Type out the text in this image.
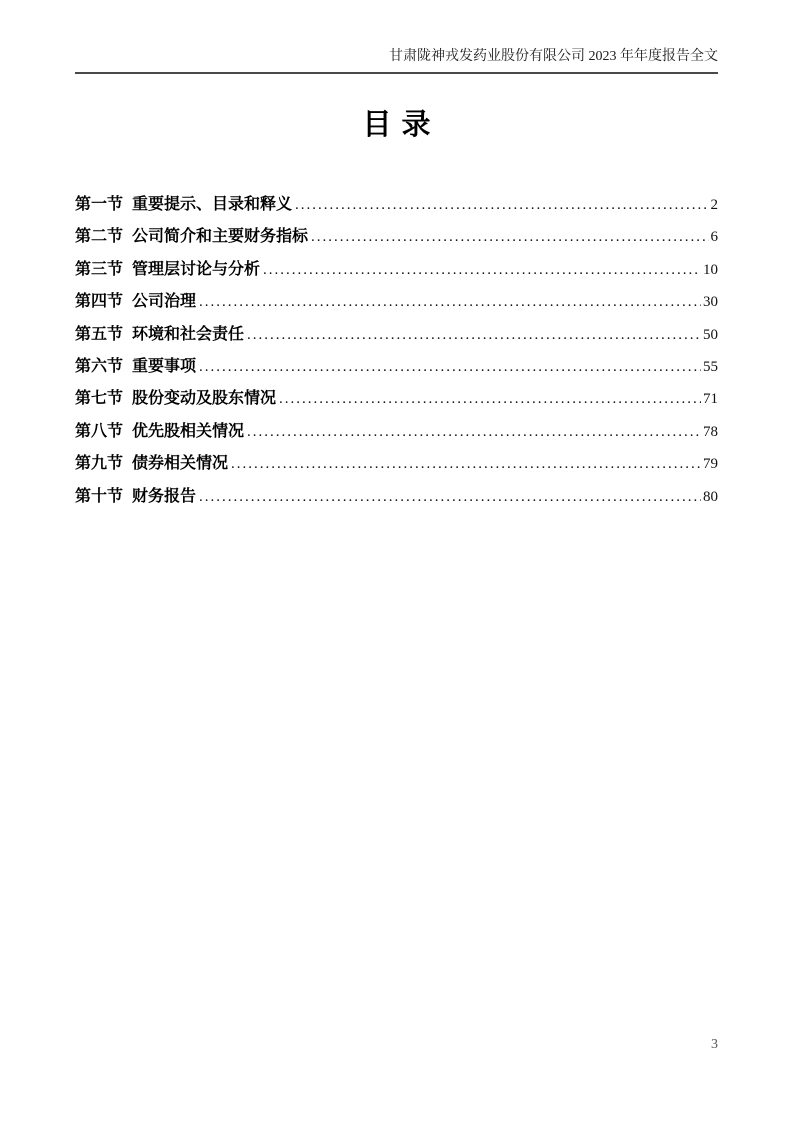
甘肃陇神戎发药业股份有限公司 2023 年年度报告全文
目录
第一节 重要提示、目录和释义 .....	2
第二节 公司简介和主要财务指标 .....	6
第三节 管理层讨论与分析 .....	10
第四节 公司治理 .....	30
第五节 环境和社会责任 .....	50
第六节 重要事项 .....	55
第七节 股份变动及股东情况 .....	71
第八节 优先股相关情况 .....	78
第九节 债券相关情况 .....	79
第十节 财务报告 .....	80
3
